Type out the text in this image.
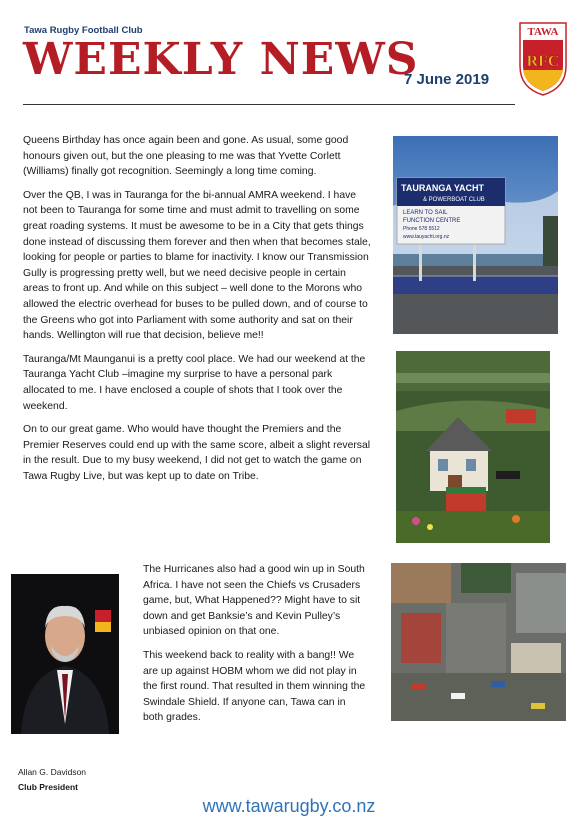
Tawa Rugby Football Club
WEEKLY NEWS
7 June 2019
TAWA
RFC

Queens Birthday has once again been and gone. As usual, some good honours given out, but the one pleasing to me was that Yvette Corlett (Williams) finally got recognition. Seemingly a long time coming.

Over the QB, I was in Tauranga for the bi-annual AMRA weekend. I have not been to Tauranga for some time and must admit to travelling on some great roading systems. It must be awesome to be in a City that gets things done instead of discussing them forever and then when that becomes stale, looking for people or parties to blame for inactivity. I know our Transmission Gully is progressing pretty well, but we need decisive people in certain areas to front up. And while on this subject – well done to the Morons who allowed the electric overhead for buses to be pulled down, and of course to the Greens who got into Parliament with some authority and sat on their hands. Wellington will rue that decision, believe me!!

Tauranga/Mt Maunganui is a pretty cool place. We had our weekend at the Tauranga Yacht Club –imagine my surprise to have a personal park allocated to me. I have enclosed a couple of shots that I took over the weekend.

On to our great game. Who would have thought the Premiers and the Premier Reserves could end up with the same score, albeit a slight reversal in the result. Due to my busy weekend, I did not get to watch the game on Tawa Rugby Live, but was kept up to date on Tribe.

The Hurricanes also had a good win up in South Africa. I have not seen the Chiefs vs Crusaders game, but, What Happened?? Might have to sit down and get Banksie’s and Kevin Pulley’s unbiased opinion on that one.

This weekend back to reality with a bang!! We are up against HOBM whom we did not play in the first round. That resulted in them winning the Swindale Shield. If anyone can, Tawa can in both grades.

TAURANGA YACHT
& POWERBOAT CLUB
LEARN TO SAIL
FUNCTION CENTRE
Phone 578 5512
www.tauyacht.org.nz
Allan G. Davidson
Club President
www.tawarugby.co.nz
